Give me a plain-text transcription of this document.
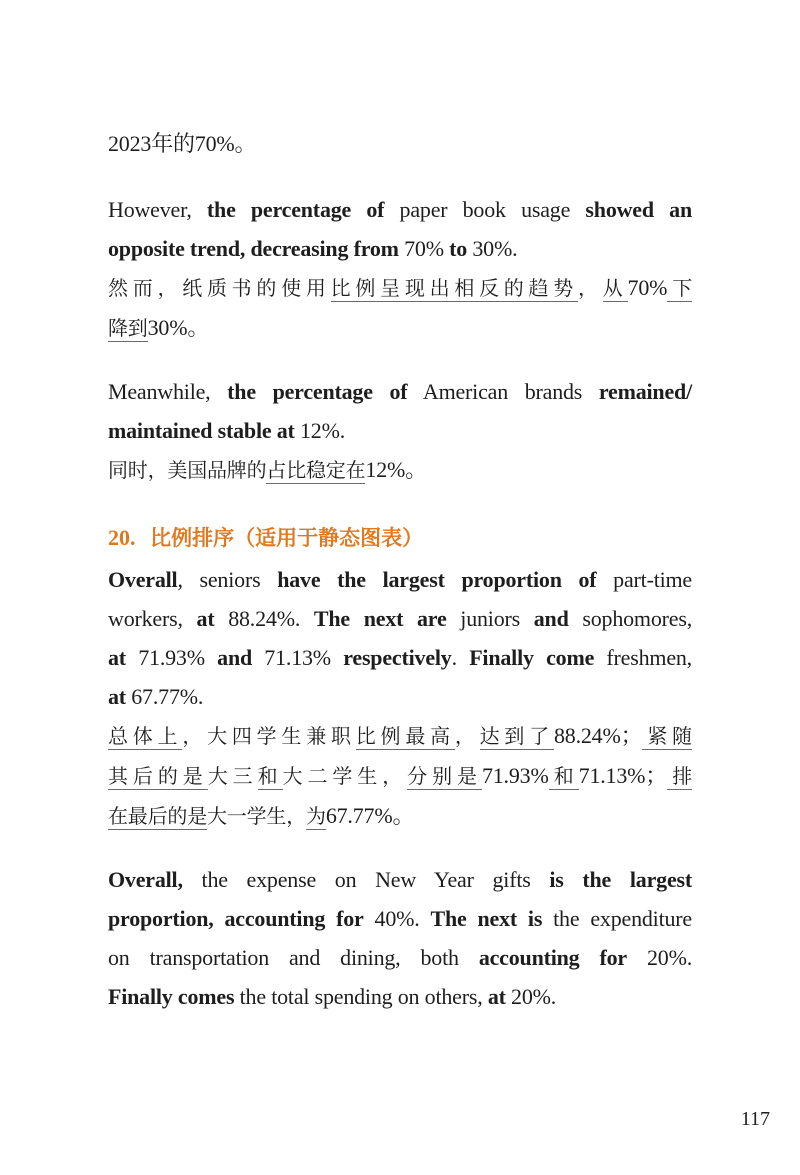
2023年的70%。
However, the percentage of paper book usage showed an
opposite trend, decreasing from 70% to 30%.
然而，纸质书的使用比例呈现出相反的趋势，从70%下
降到30%。
Meanwhile, the percentage of American brands remained/
maintained stable at 12%.
同时，美国品牌的占比稳定在12%。
20. 比例排序（适用于静态图表）
Overall, seniors have the largest proportion of part-time
workers, at 88.24%. The next are juniors and sophomores,
at 71.93% and 71.13% respectively. Finally come freshmen,
at 67.77%.
总体上，大四学生兼职比例最高，达到了88.24%；紧随
其后的是大三和大二学生，分别是71.93%和71.13%；排
在最后的是大一学生，为67.77%。
Overall, the expense on New Year gifts is the largest
proportion, accounting for 40%. The next is the expenditure
on transportation and dining, both accounting for 20%.
Finally comes the total spending on others, at 20%.
117
